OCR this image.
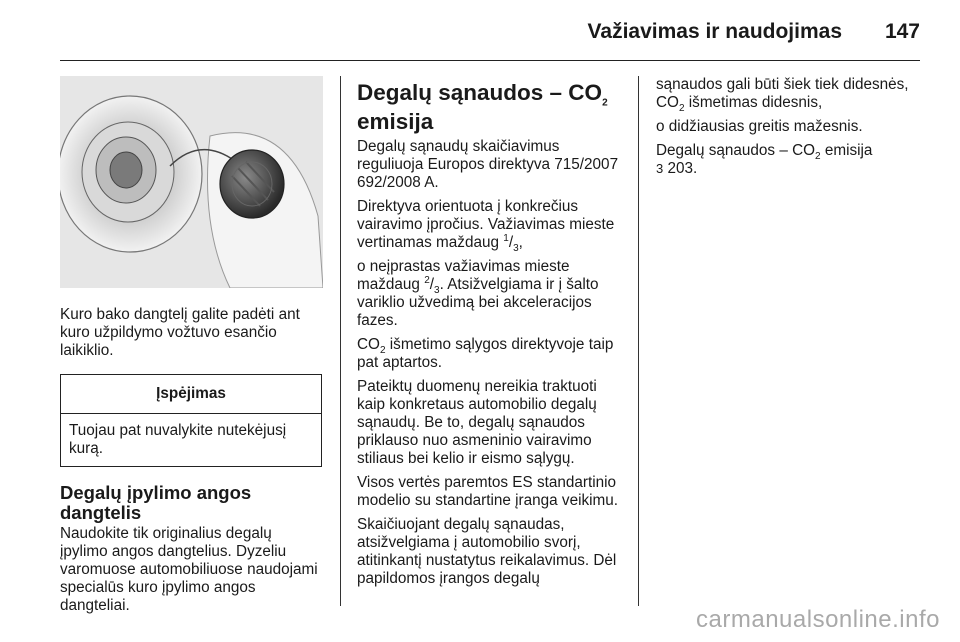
Važiavimas ir naudojimas 147

Kuro bako dangtelį galite padėti ant kuro užpildymo vožtuvo esančio laikiklio.

Įspėjimas

Tuojau pat nuvalykite nutekėjusį kurą.

Degalų įpylimo angos dangtelis

Naudokite tik originalius degalų įpylimo angos dangtelius. Dyzeliu varomuose automobiliuose naudojami specialūs kuro įpylimo angos dangteliai.

Degalų sąnaudos – $CO_2$
emisija

Degalų sąnaudų skaičiavimus reguliuoja Europos direktyva 715/2007 692/2008 A.

Direktyva orientuota į konkrečius vairavimo įpročius. Važiavimas mieste vertinamas maždaug $^1/_3$,

o neįprastas važiavimas mieste maždaug $^2/_3$. Atsižvelgiama ir į šalto variklio užvedimą bei akceleracijos fazes.

$CO_2$ išmetimo sąlygos direktyvoje taip pat aptartos.

Pateiktų duomenų nereikia traktuoti kaip konkretaus automobilio degalų sąnaudų. Be to, degalų sąnaudos priklauso nuo asmeninio vairavimo stiliaus bei kelio ir eismo sąlygų.

Visos vertės paremtos ES standartinio modelio su standartine įranga veikimu.

Skaičiuojant degalų sąnaudas, atsižvelgiama į automobilio svorį, atitinkantį nustatytus reikalavimus. Dėl papildomos įrangos degalų

sąnaudos gali būti šiek tiek didesnės,
$CO_2$ išmetimas didesnis,

o didžiausias greitis mažesnis.

Degalų sąnaudos – $CO_2$ emisija
3 203.

carmanualsonline.info
